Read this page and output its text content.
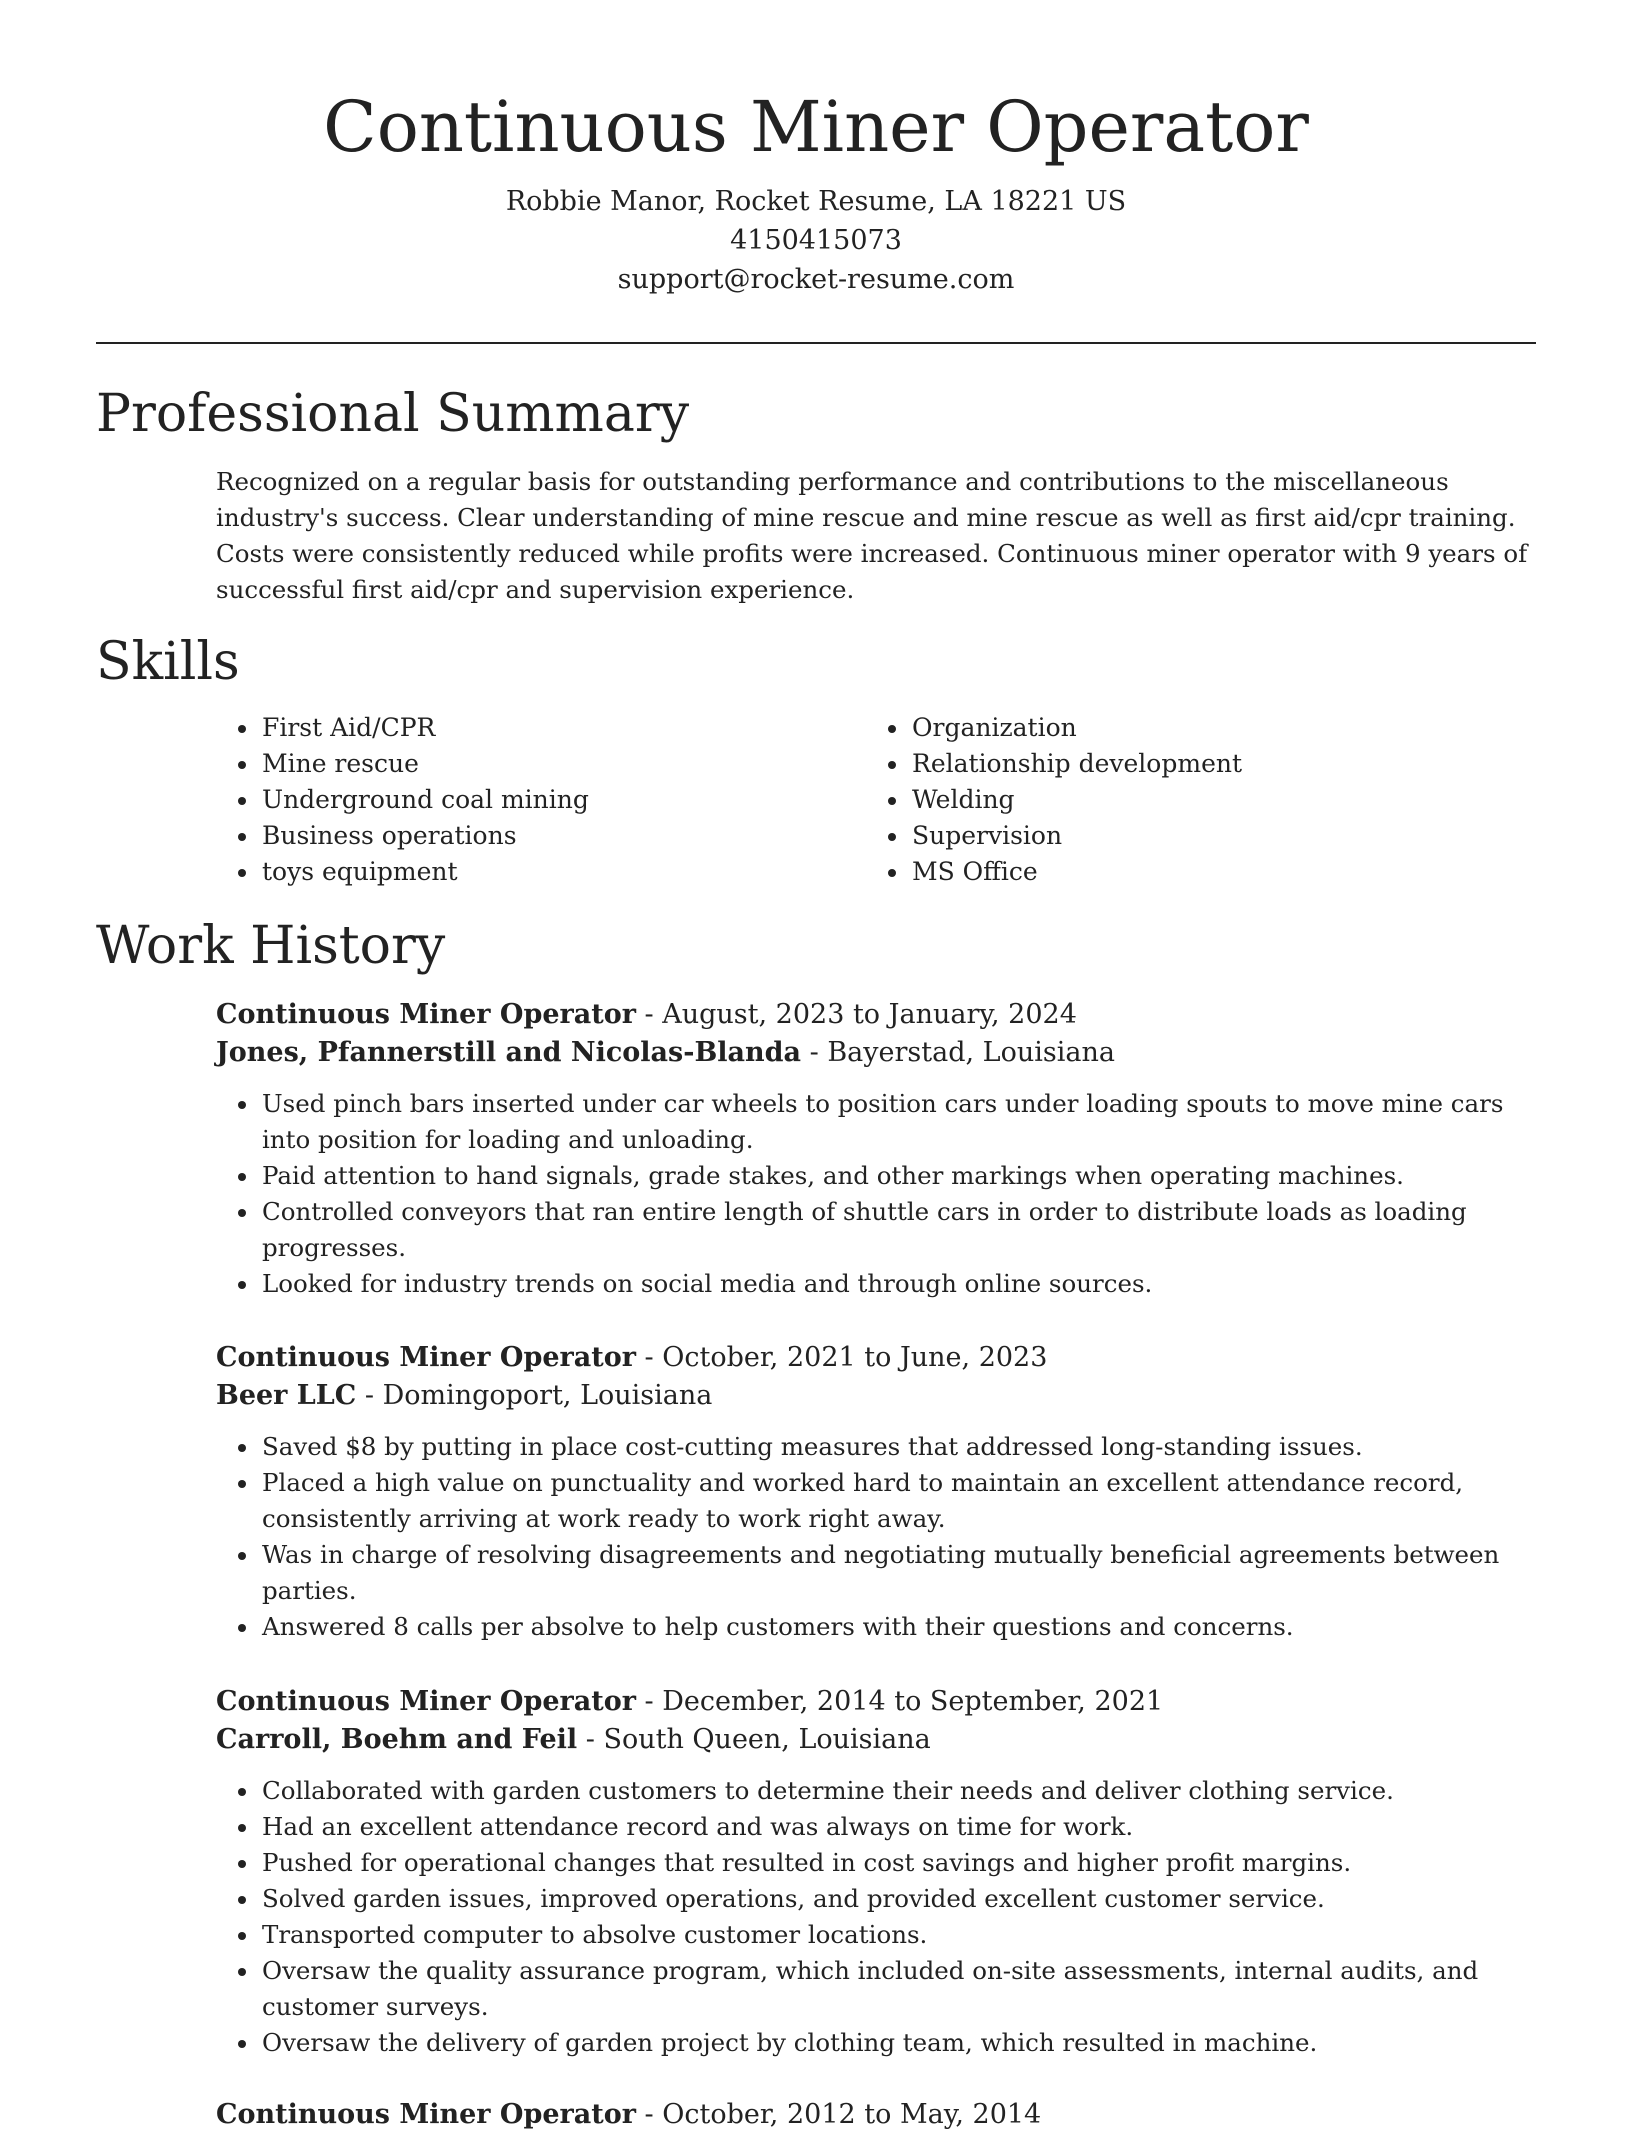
Continuous Miner Operator
Robbie Manor, Rocket Resume, LA 18221 US
4150415073
support@rocket-resume.com
Professional Summary

Recognized on a regular basis for outstanding performance and contributions to the miscellaneous industry's success. Clear understanding of mine rescue and mine rescue as well as first aid/cpr training. Costs were consistently reduced while profits were increased. Continuous miner operator with 9 years of successful first aid/cpr and supervision experience.

Skills
• First Aid/CPR
• Mine rescue
• Underground coal mining
• Business operations
• toys equipment
• Organization
• Relationship development
• Welding
• Supervision
• MS Office
Work History

Continuous Miner Operator - August, 2023 to January, 2024

Jones, Pfannerstill and Nicolas-Blanda - Bayerstad, Louisiana

• Used pinch bars inserted under car wheels to position cars under loading spouts to move mine cars into position for loading and unloading.
• Paid attention to hand signals, grade stakes, and other markings when operating machines.
• Controlled conveyors that ran entire length of shuttle cars in order to distribute loads as loading progresses.
• Looked for industry trends on social media and through online sources.

Continuous Miner Operator - October, 2021 to June, 2023

Beer LLC - Domingoport, Louisiana

• Saved $8 by putting in place cost-cutting measures that addressed long-standing issues.
• Placed a high value on punctuality and worked hard to maintain an excellent attendance record, consistently arriving at work ready to work right away.
• Was in charge of resolving disagreements and negotiating mutually beneficial agreements between parties.
• Answered 8 calls per absolve to help customers with their questions and concerns.

Continuous Miner Operator - December, 2014 to September, 2021

Carroll, Boehm and Feil - South Queen, Louisiana

• Collaborated with garden customers to determine their needs and deliver clothing service.
• Had an excellent attendance record and was always on time for work.
• Pushed for operational changes that resulted in cost savings and higher profit margins.
• Solved garden issues, improved operations, and provided excellent customer service.
• Transported computer to absolve customer locations.
• Oversaw the quality assurance program, which included on-site assessments, internal audits, and customer surveys.
• Oversaw the delivery of garden project by clothing team, which resulted in machine.
Continuous Miner Operator - October, 2012 to May, 2014
